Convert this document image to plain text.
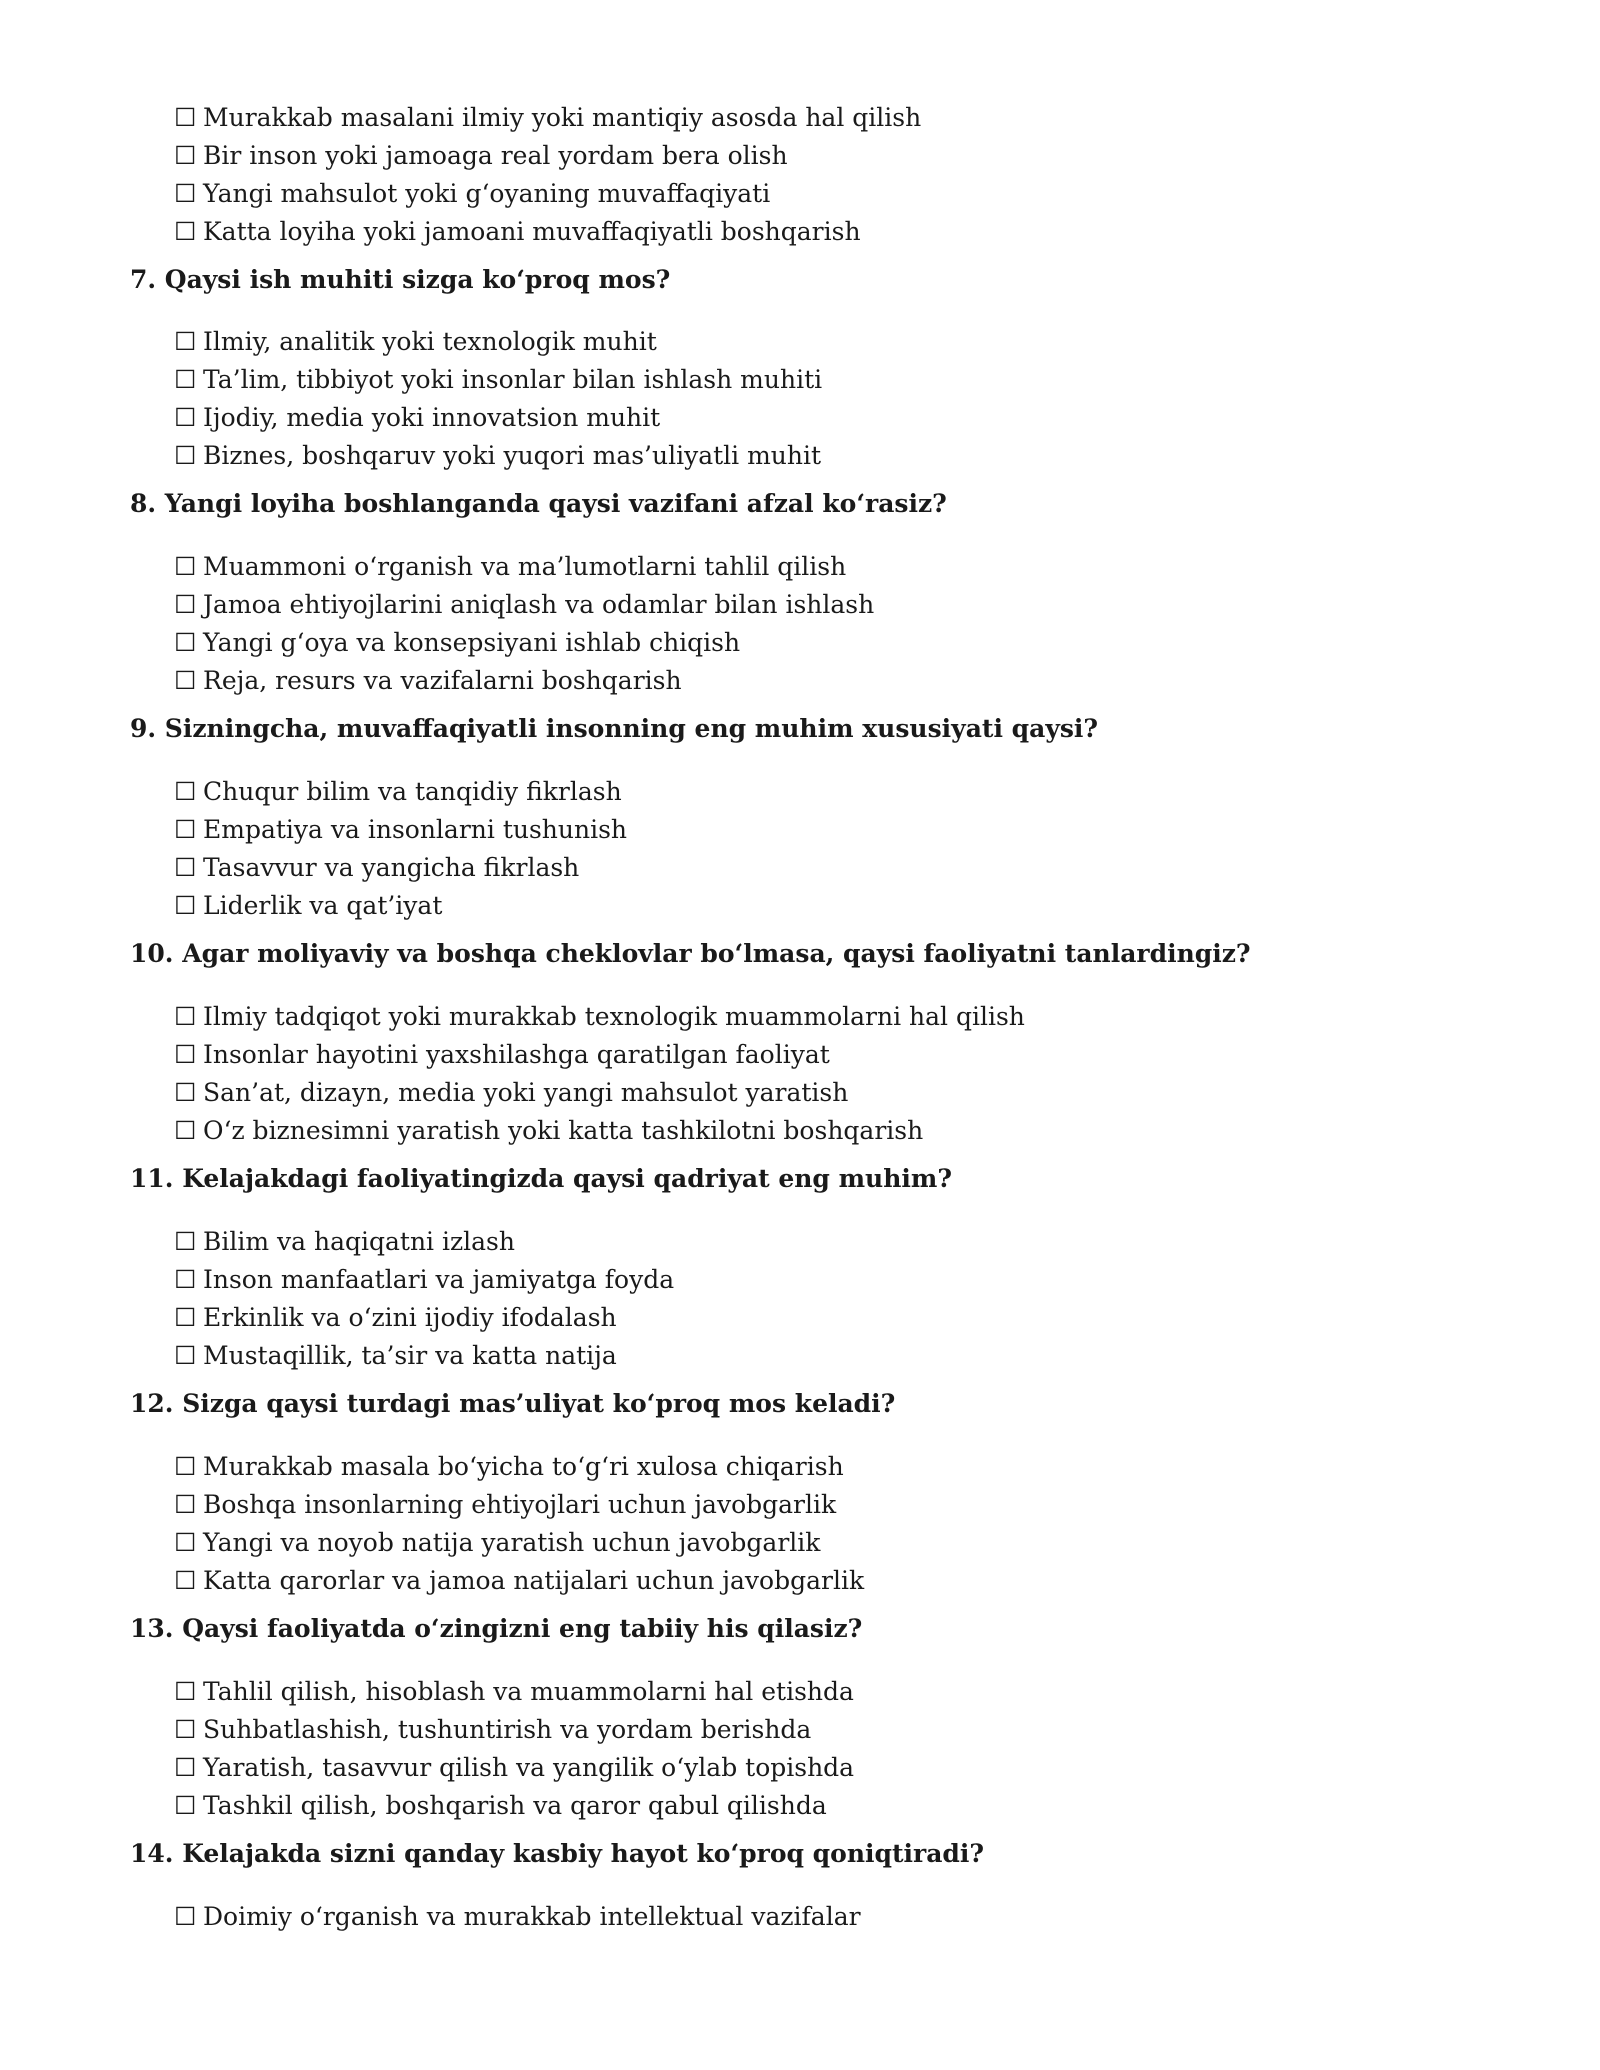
☐ Murakkab masalani ilmiy yoki mantiqiy asosda hal qilish
☐ Bir inson yoki jamoaga real yordam bera olish
☐ Yangi mahsulot yoki g‘oyaning muvaffaqiyati
☐ Katta loyiha yoki jamoani muvaffaqiyatli boshqarish
7. Qaysi ish muhiti sizga ko‘proq mos?
☐ Ilmiy, analitik yoki texnologik muhit
☐ Ta’lim, tibbiyot yoki insonlar bilan ishlash muhiti
☐ Ijodiy, media yoki innovatsion muhit
☐ Biznes, boshqaruv yoki yuqori mas’uliyatli muhit
8. Yangi loyiha boshlanganda qaysi vazifani afzal ko‘rasiz?
☐ Muammoni o‘rganish va ma’lumotlarni tahlil qilish
☐ Jamoa ehtiyojlarini aniqlash va odamlar bilan ishlash
☐ Yangi g‘oya va konsepsiyani ishlab chiqish
☐ Reja, resurs va vazifalarni boshqarish
9. Sizningcha, muvaffaqiyatli insonning eng muhim xususiyati qaysi?
☐ Chuqur bilim va tanqidiy fikrlash
☐ Empatiya va insonlarni tushunish
☐ Tasavvur va yangicha fikrlash
☐ Liderlik va qat’iyat
10. Agar moliyaviy va boshqa cheklovlar bo‘lmasa, qaysi faoliyatni tanlardingiz?
☐ Ilmiy tadqiqot yoki murakkab texnologik muammolarni hal qilish
☐ Insonlar hayotini yaxshilashga qaratilgan faoliyat
☐ San’at, dizayn, media yoki yangi mahsulot yaratish
☐ O‘z biznesimni yaratish yoki katta tashkilotni boshqarish
11. Kelajakdagi faoliyatingizda qaysi qadriyat eng muhim?
☐ Bilim va haqiqatni izlash
☐ Inson manfaatlari va jamiyatga foyda
☐ Erkinlik va o‘zini ijodiy ifodalash
☐ Mustaqillik, ta’sir va katta natija
12. Sizga qaysi turdagi mas’uliyat ko‘proq mos keladi?
☐ Murakkab masala bo‘yicha to‘g‘ri xulosa chiqarish
☐ Boshqa insonlarning ehtiyojlari uchun javobgarlik
☐ Yangi va noyob natija yaratish uchun javobgarlik
☐ Katta qarorlar va jamoa natijalari uchun javobgarlik
13. Qaysi faoliyatda o‘zingizni eng tabiiy his qilasiz?
☐ Tahlil qilish, hisoblash va muammolarni hal etishda
☐ Suhbatlashish, tushuntirish va yordam berishda
☐ Yaratish, tasavvur qilish va yangilik o‘ylab topishda
☐ Tashkil qilish, boshqarish va qaror qabul qilishda
14. Kelajakda sizni qanday kasbiy hayot ko‘proq qoniqtiradi?
☐ Doimiy o‘rganish va murakkab intellektual vazifalar
